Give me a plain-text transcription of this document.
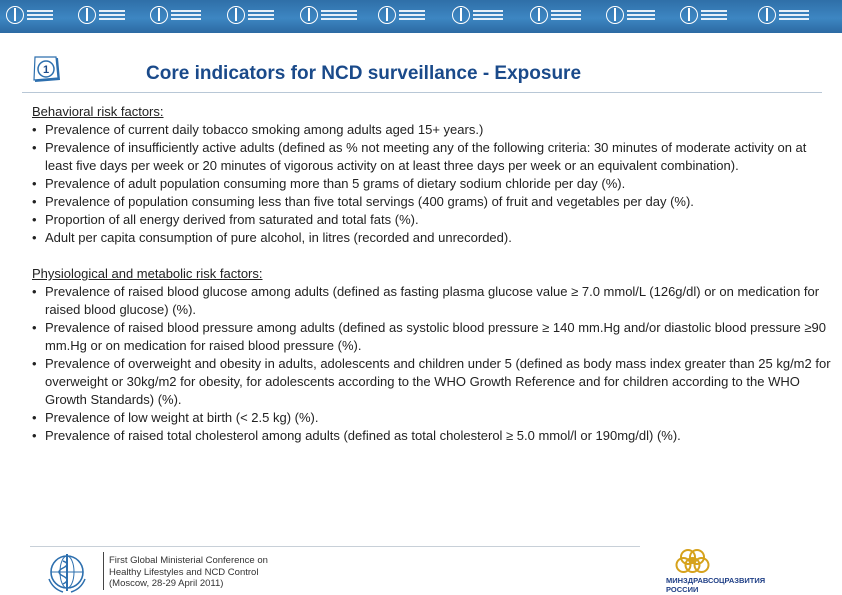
1	Core indicators for NCD surveillance - Exposure
Behavioral risk factors:
• Prevalence of current daily tobacco smoking among adults aged 15+ years.)
• Prevalence of insufficiently active adults (defined as % not meeting any of the following criteria: 30 minutes of moderate activity on at least five days per week or 20 minutes of vigorous activity on at least three days per week or an equivalent combination).
• Prevalence of adult population consuming more than 5 grams of dietary sodium chloride per day (%).
• Prevalence of population consuming less than five total servings (400 grams) of fruit and vegetables per day (%).
• Proportion of all energy derived from saturated and total fats (%).
• Adult per capita consumption of pure alcohol, in litres (recorded and unrecorded).
Physiological and metabolic risk factors:
• Prevalence of raised blood glucose among adults (defined as fasting plasma glucose value ≥ 7.0 mmol/L (126g/dl) or on medication for raised blood glucose) (%).
• Prevalence of raised blood pressure among adults (defined as systolic blood pressure ≥ 140 mm.Hg and/or diastolic blood pressure ≥90 mm.Hg or on medication for raised blood pressure (%).
• Prevalence of overweight and obesity in adults, adolescents and children under 5 (defined as body mass index greater than 25 kg/m2 for overweight or 30kg/m2 for obesity, for adolescents according to the WHO Growth Reference and for children according to the WHO Growth Standards) (%).
• Prevalence of low weight at birth (< 2.5 kg) (%).
• Prevalence of raised total cholesterol among adults (defined as total cholesterol ≥ 5.0 mmol/l or 190mg/dl) (%).
First Global Ministerial Conference on
Healthy Lifestyles and NCD Control
(Moscow, 28-29 April 2011)	МИНЗДРАВСОЦРАЗВИТИЯ
РОССИИ
